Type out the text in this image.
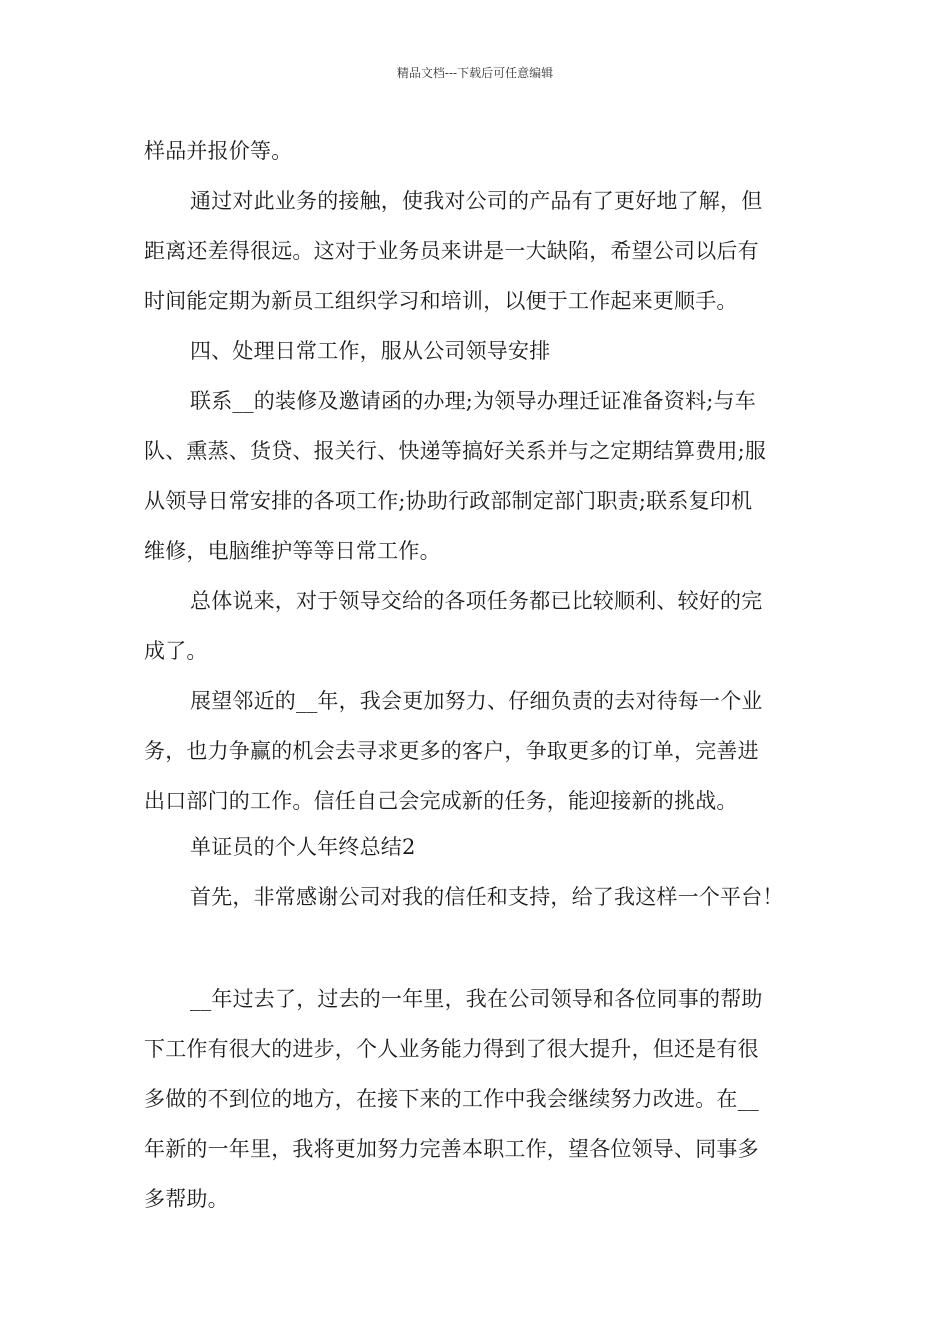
精品文档---下载后可任意编辑
样品并报价等。
通过对此业务的接触，使我对公司的产品有了更好地了解，但
距离还差得很远。这对于业务员来讲是一大缺陷，希望公司以后有
时间能定期为新员工组织学习和培训，以便于工作起来更顺手。
四、处理日常工作，服从公司领导安排
联系__的装修及邀请函的办理;为领导办理迁证准备资料;与车
队、熏蒸、货贷、报关行、快递等搞好关系并与之定期结算费用;服
从领导日常安排的各项工作;协助行政部制定部门职责;联系复印机
维修，电脑维护等等日常工作。
总体说来，对于领导交给的各项任务都已比较顺利、较好的完
成了。
展望邻近的__年，我会更加努力、仔细负责的去对待每一个业
务，也力争赢的机会去寻求更多的客户，争取更多的订单，完善进
出口部门的工作。信任自己会完成新的任务，能迎接新的挑战。
单证员的个人年终总结2
首先，非常感谢公司对我的信任和支持，给了我这样一个平台！
__年过去了，过去的一年里，我在公司领导和各位同事的帮助
下工作有很大的进步，个人业务能力得到了很大提升，但还是有很
多做的不到位的地方，在接下来的工作中我会继续努力改进。在__
年新的一年里，我将更加努力完善本职工作，望各位领导、同事多
多帮助。
